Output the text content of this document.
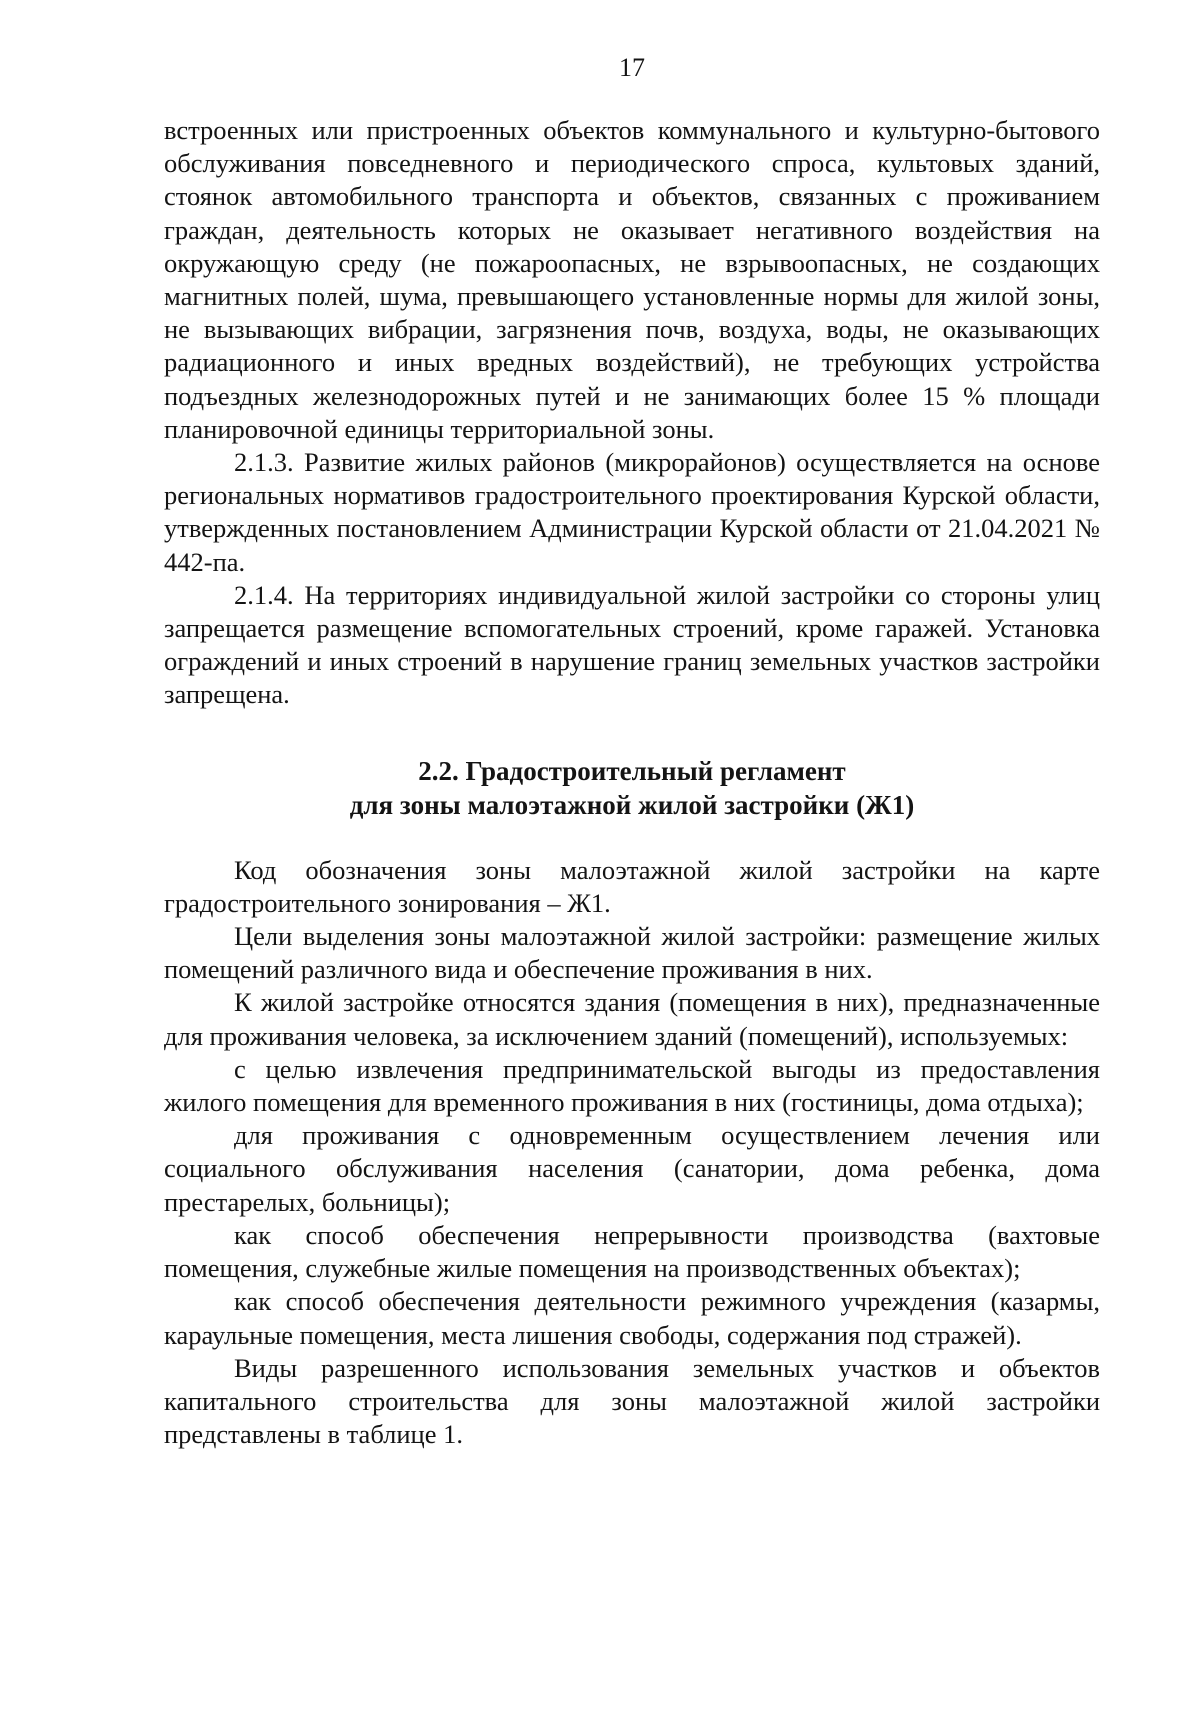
17

встроенных или пристроенных объектов коммунального и культурно-бытового обслуживания повседневного и периодического спроса, культовых зданий, стоянок автомобильного транспорта и объектов, связанных с проживанием граждан, деятельность которых не оказывает негативного воздействия на окружающую среду (не пожароопасных, не взрывоопасных, не создающих магнитных полей, шума, превышающего установленные нормы для жилой зоны, не вызывающих вибрации, загрязнения почв, воздуха, воды, не оказывающих радиационного и иных вредных воздействий), не требующих устройства подъездных железнодорожных путей и не занимающих более 15 % площади планировочной единицы территориальной зоны.

2.1.3. Развитие жилых районов (микрорайонов) осуществляется на основе региональных нормативов градостроительного проектирования Курской области, утвержденных постановлением Администрации Курской области от 21.04.2021 № 442-па.

2.1.4. На территориях индивидуальной жилой застройки со стороны улиц запрещается размещение вспомогательных строений, кроме гаражей. Установка ограждений и иных строений в нарушение границ земельных участков застройки запрещена.

2.2. Градостроительный регламент
для зоны малоэтажной жилой застройки (Ж1)

Код обозначения зоны малоэтажной жилой застройки на карте градостроительного зонирования – Ж1.

Цели выделения зоны малоэтажной жилой застройки: размещение жилых помещений различного вида и обеспечение проживания в них.

К жилой застройке относятся здания (помещения в них), предназначенные для проживания человека, за исключением зданий (помещений), используемых:

с целью извлечения предпринимательской выгоды из предоставления жилого помещения для временного проживания в них (гостиницы, дома отдыха);

для проживания с одновременным осуществлением лечения или социального обслуживания населения (санатории, дома ребенка, дома престарелых, больницы);

как способ обеспечения непрерывности производства (вахтовые помещения, служебные жилые помещения на производственных объектах);

как способ обеспечения деятельности режимного учреждения (казармы, караульные помещения, места лишения свободы, содержания под стражей).

Виды разрешенного использования земельных участков и объектов капитального строительства для зоны малоэтажной жилой застройки представлены в таблице 1.
